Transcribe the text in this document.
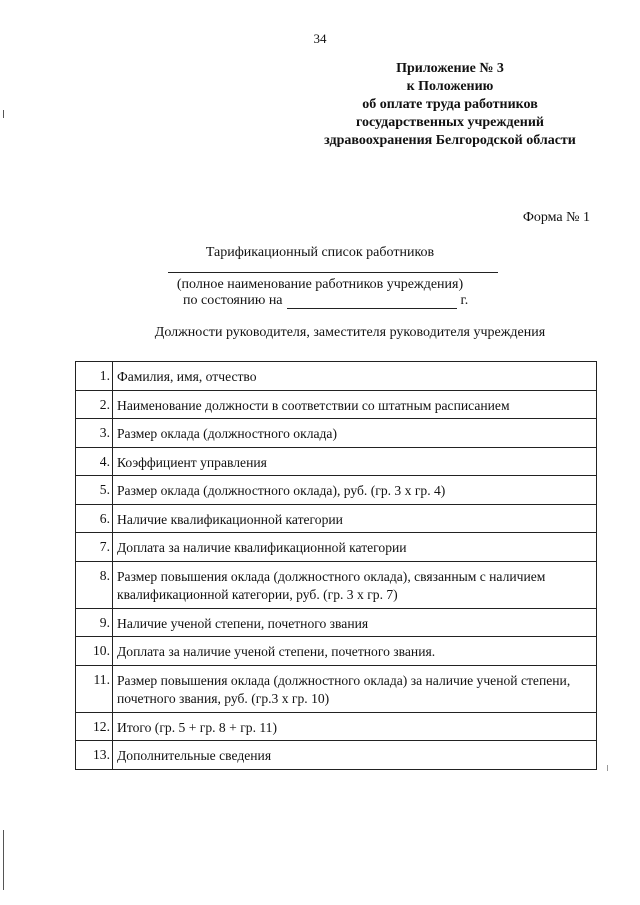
34
Приложение № 3
к Положению
об оплате труда работников
государственных учреждений
здравоохранения Белгородской области
Форма № 1
Тарификационный список работников
(полное наименование работников учреждения)
по состоянию на	г.
Должности руководителя, заместителя руководителя учреждения
1.	Фамилия, имя, отчество
2.	Наименование должности в соответствии со штатным расписанием
3.	Размер оклада (должностного оклада)
4.	Коэффициент управления
5.	Размер оклада (должностного оклада), руб. (гр. 3 х гр. 4)
6.	Наличие квалификационной категории
7.	Доплата за наличие квалификационной категории
8.	Размер повышения оклада (должностного оклада), связанным с наличием квалификационной категории, руб. (гр. 3 х гр. 7)
9.	Наличие ученой степени, почетного звания
10.	Доплата за наличие ученой степени, почетного звания.
11.	Размер повышения оклада (должностного оклада) за наличие ученой степени, почетного звания, руб. (гр.3 х гр. 10)
12.	Итого (гр. 5 + гр. 8 + гр. 11)
13.	Дополнительные сведения
